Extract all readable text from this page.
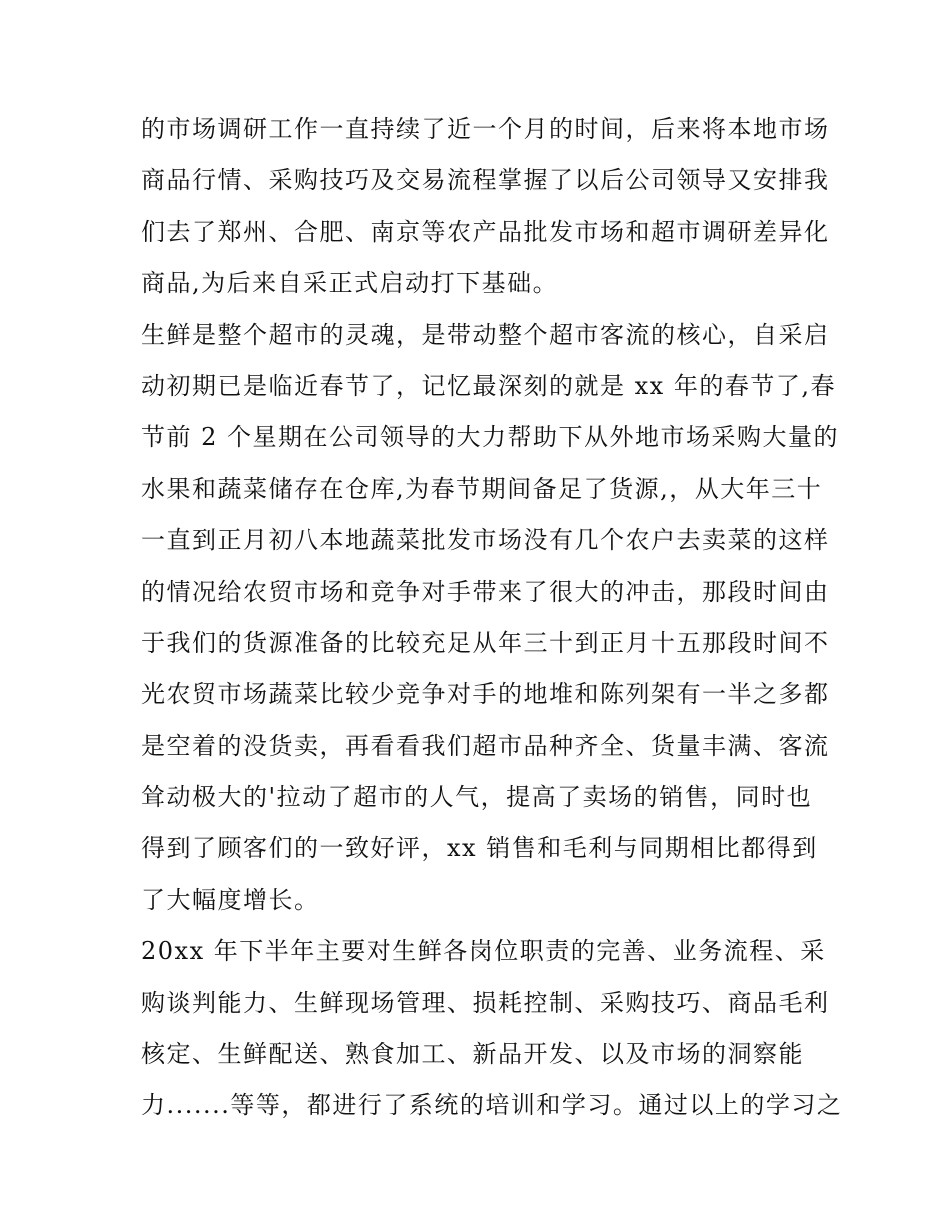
的市场调研工作一直持续了近一个月的时间，后来将本地市场
商品行情、采购技巧及交易流程掌握了以后公司领导又安排我
们去了郑州、合肥、南京等农产品批发市场和超市调研差异化
商品,为后来自采正式启动打下基础。
生鲜是整个超市的灵魂，是带动整个超市客流的核心，自采启
动初期已是临近春节了，记忆最深刻的就是 xx 年的春节了,春
节前 2 个星期在公司领导的大力帮助下从外地市场采购大量的
水果和蔬菜储存在仓库,为春节期间备足了货源,，从大年三十
一直到正月初八本地蔬菜批发市场没有几个农户去卖菜的这样
的情况给农贸市场和竞争对手带来了很大的冲击，那段时间由
于我们的货源准备的比较充足从年三十到正月十五那段时间不
光农贸市场蔬菜比较少竞争对手的地堆和陈列架有一半之多都
是空着的没货卖，再看看我们超市品种齐全、货量丰满、客流
耸动极大的'拉动了超市的人气，提高了卖场的销售，同时也
得到了顾客们的一致好评，xx 销售和毛利与同期相比都得到
了大幅度增长。
20xx 年下半年主要对生鲜各岗位职责的完善、业务流程、采
购谈判能力、生鲜现场管理、损耗控制、采购技巧、商品毛利
核定、生鲜配送、熟食加工、新品开发、以及市场的洞察能
力.......等等，都进行了系统的培训和学习。通过以上的学习之
